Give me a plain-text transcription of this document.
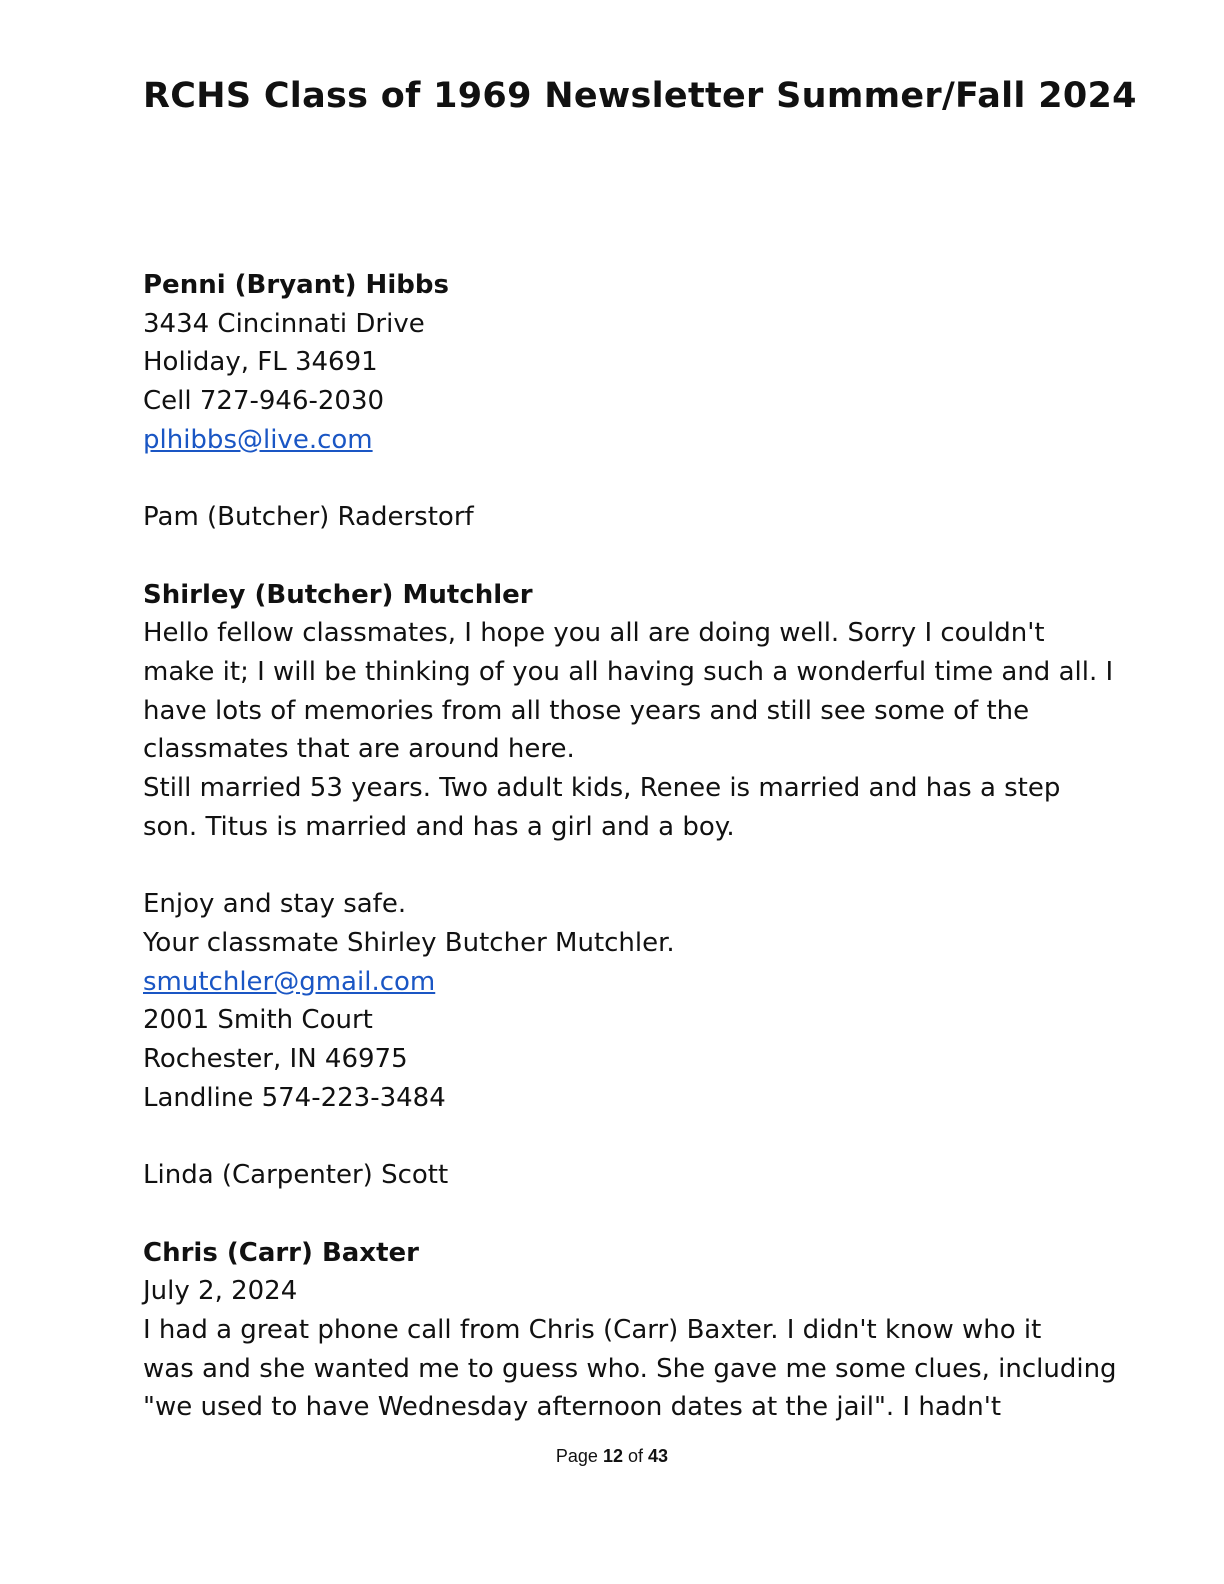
RCHS Class of 1969 Newsletter Summer/Fall 2024
Penni (Bryant) Hibbs
3434 Cincinnati Drive
Holiday, FL 34691
Cell 727-946-2030
plhibbs@live.com
Pam (Butcher) Raderstorf
Shirley (Butcher) Mutchler
Hello fellow classmates, I hope you all are doing well. Sorry I couldn't
make it; I will be thinking of you all having such a wonderful time and all. I
have lots of memories from all those years and still see some of the
classmates that are around here.
Still married 53 years. Two adult kids, Renee is married and has a step
son. Titus is married and has a girl and a boy.
Enjoy and stay safe.
Your classmate Shirley Butcher Mutchler.
smutchler@gmail.com
2001 Smith Court
Rochester, IN 46975
Landline 574-223-3484
Linda (Carpenter) Scott
Chris (Carr) Baxter
July 2, 2024
I had a great phone call from Chris (Carr) Baxter. I didn't know who it
was and she wanted me to guess who. She gave me some clues, including
"we used to have Wednesday afternoon dates at the jail". I hadn't
Page 12 of 43
